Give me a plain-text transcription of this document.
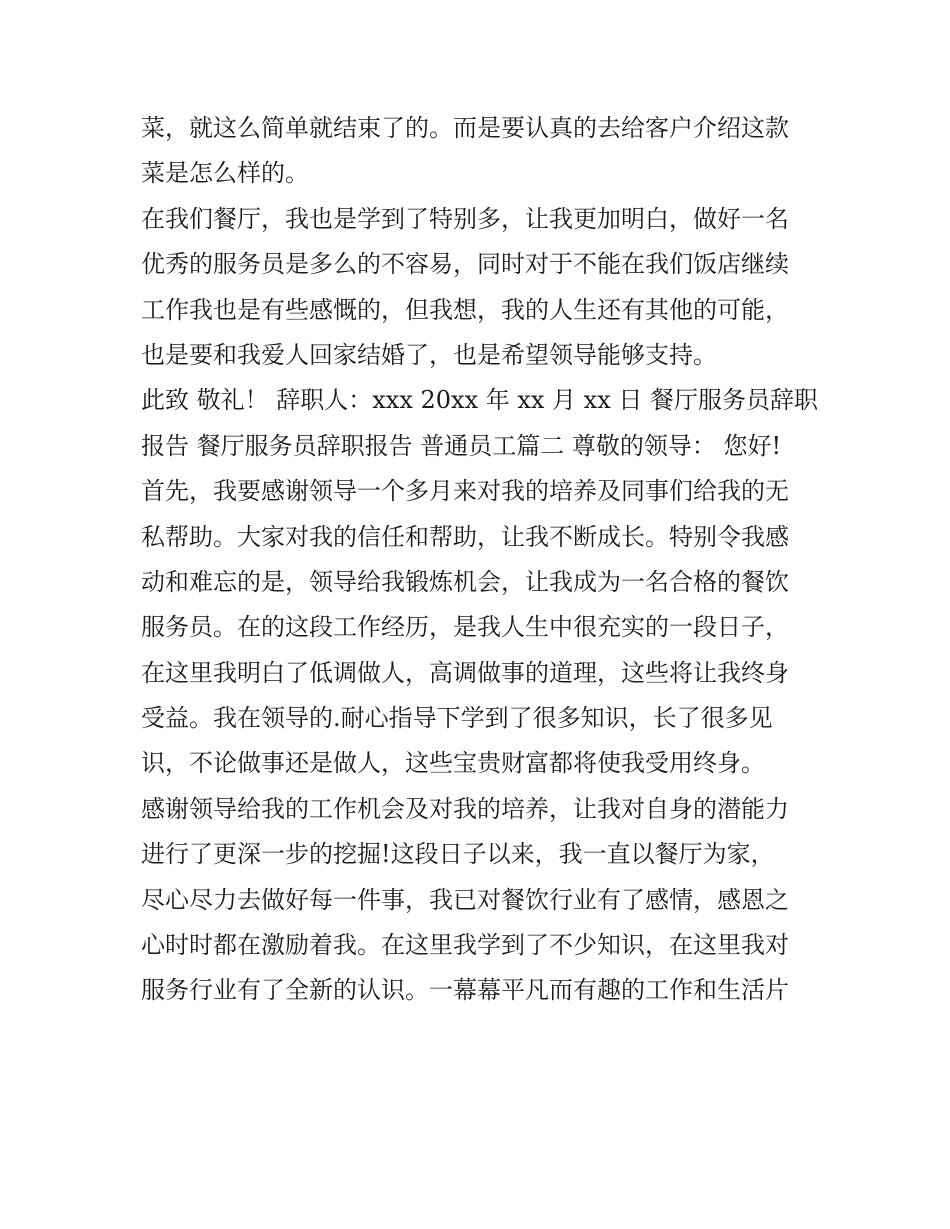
菜，就这么简单就结束了的。而是要认真的去给客户介绍这款
菜是怎么样的。
在我们餐厅，我也是学到了特别多，让我更加明白，做好一名
优秀的服务员是多么的不容易，同时对于不能在我们饭店继续
工作我也是有些感慨的，但我想，我的人生还有其他的可能，
也是要和我爱人回家结婚了，也是希望领导能够支持。
此致 敬礼！ 辞职人：xxx 20xx 年 xx 月 xx 日 餐厅服务员辞职
报告 餐厅服务员辞职报告 普通员工篇二 尊敬的领导： 您好!
首先，我要感谢领导一个多月来对我的培养及同事们给我的无
私帮助。大家对我的信任和帮助，让我不断成长。特别令我感
动和难忘的是，领导给我锻炼机会，让我成为一名合格的餐饮
服务员。在的这段工作经历，是我人生中很充实的一段日子，
在这里我明白了低调做人，高调做事的道理，这些将让我终身
受益。我在领导的.耐心指导下学到了很多知识，长了很多见
识，不论做事还是做人，这些宝贵财富都将使我受用终身。
感谢领导给我的工作机会及对我的培养，让我对自身的潜能力
进行了更深一步的挖掘!这段日子以来，我一直以餐厅为家，
尽心尽力去做好每一件事，我已对餐饮行业有了感情，感恩之
心时时都在激励着我。在这里我学到了不少知识，在这里我对
服务行业有了全新的认识。一幕幕平凡而有趣的工作和生活片
